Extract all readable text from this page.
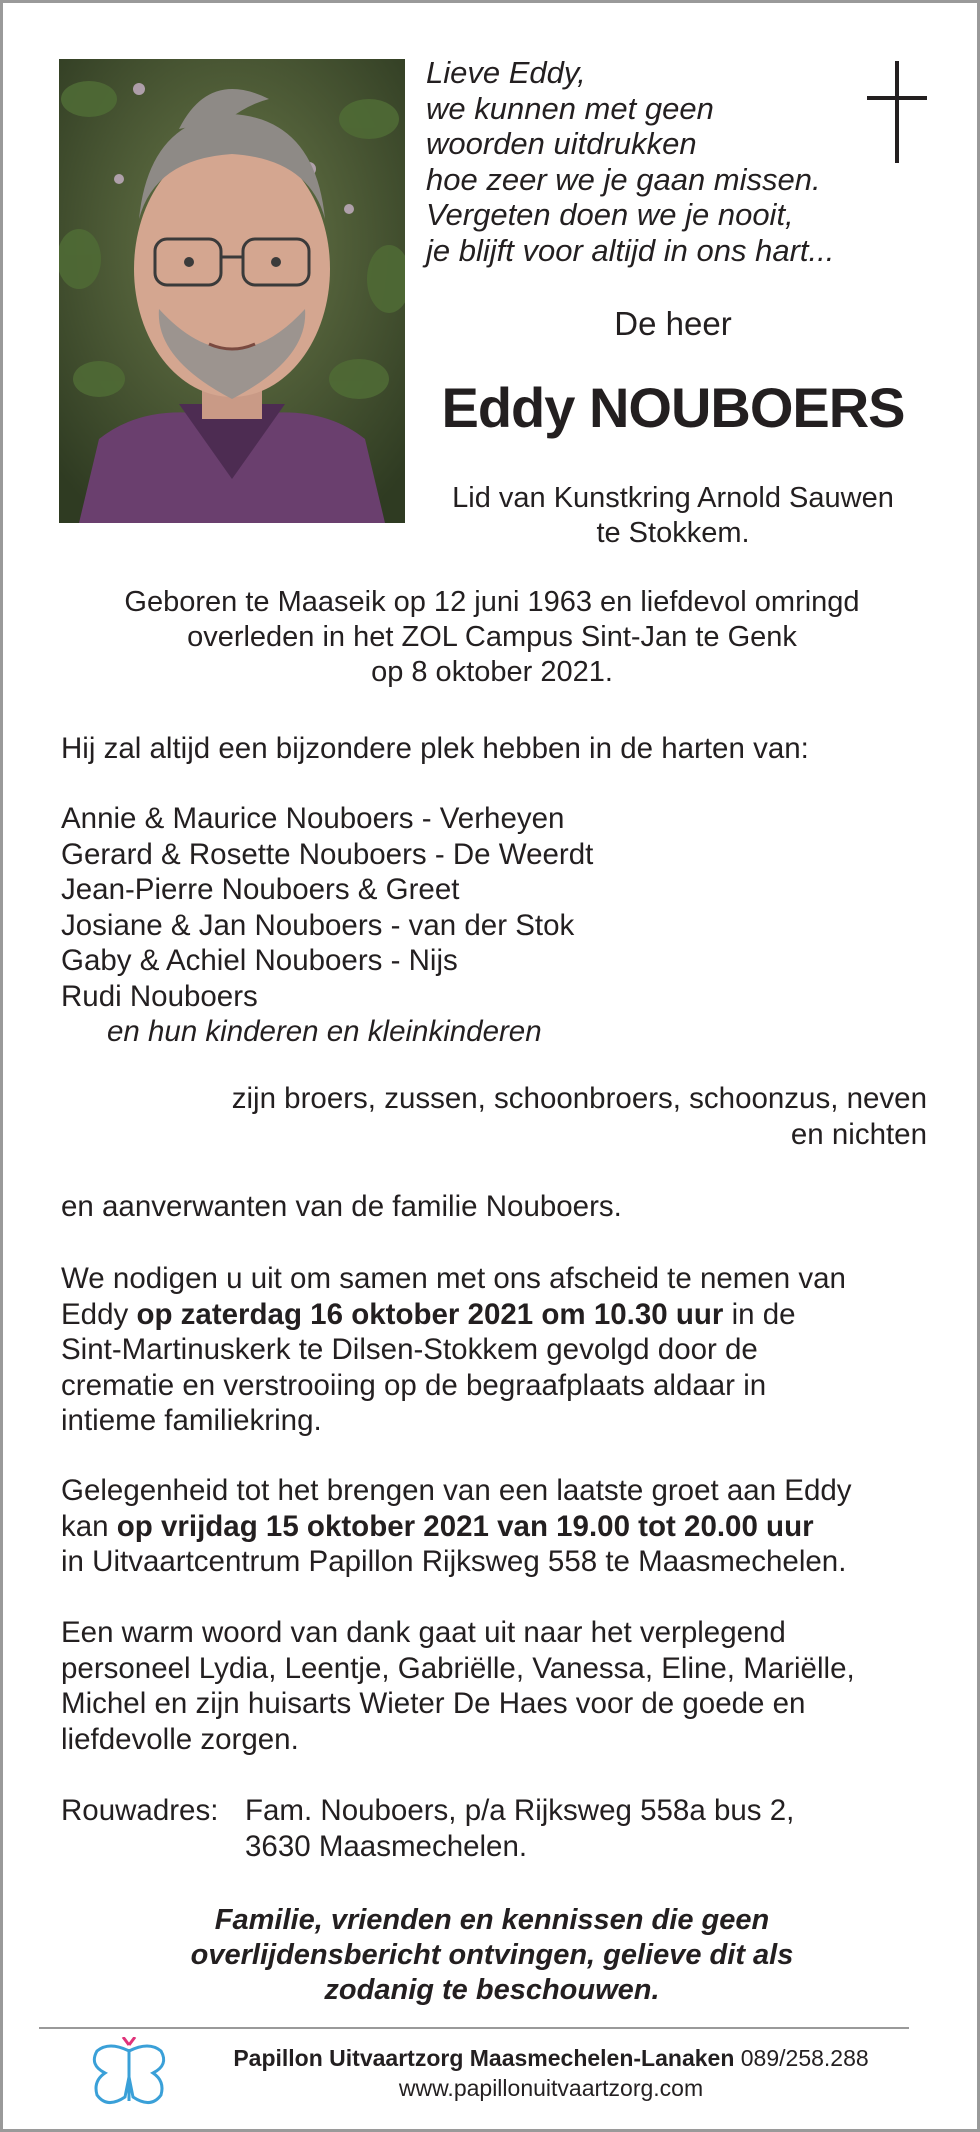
Lieve Eddy,
we kunnen met geen
woorden uitdrukken
hoe zeer we je gaan missen.
Vergeten doen we je nooit,
je blijft voor altijd in ons hart...
De heer
Eddy NOUBOERS
Lid van Kunstkring Arnold Sauwen
te Stokkem.
Geboren te Maaseik op 12 juni 1963 en liefdevol omringd
overleden in het ZOL Campus Sint-Jan te Genk
op 8 oktober 2021.
Hij zal altijd een bijzondere plek hebben in de harten van:
Annie & Maurice Nouboers - Verheyen
Gerard & Rosette Nouboers - De Weerdt
Jean-Pierre Nouboers & Greet
Josiane & Jan Nouboers - van der Stok
Gaby & Achiel Nouboers - Nijs
Rudi Nouboers
en hun kinderen en kleinkinderen
zijn broers, zussen, schoonbroers, schoonzus, neven
en nichten
en aanverwanten van de familie Nouboers.
We nodigen u uit om samen met ons afscheid te nemen van
Eddy op zaterdag 16 oktober 2021 om 10.30 uur in de
Sint-Martinuskerk te Dilsen-Stokkem gevolgd door de
crematie en verstrooiing op de begraafplaats aldaar in
intieme familiekring.
Gelegenheid tot het brengen van een laatste groet aan Eddy
kan op vrijdag 15 oktober 2021 van 19.00 tot 20.00 uur
in Uitvaartcentrum Papillon Rijksweg 558 te Maasmechelen.
Een warm woord van dank gaat uit naar het verplegend
personeel Lydia, Leentje, Gabriëlle, Vanessa, Eline, Mariëlle,
Michel en zijn huisarts Wieter De Haes voor de goede en
liefdevolle zorgen.
Rouwadres: Fam. Nouboers, p/a Rijksweg 558a bus 2,
3630 Maasmechelen.
Familie, vrienden en kennissen die geen
overlijdensbericht ontvingen, gelieve dit als
zodanig te beschouwen.
Papillon Uitvaartzorg Maasmechelen-Lanaken 089/258.288
www.papillonuitvaartzorg.com
